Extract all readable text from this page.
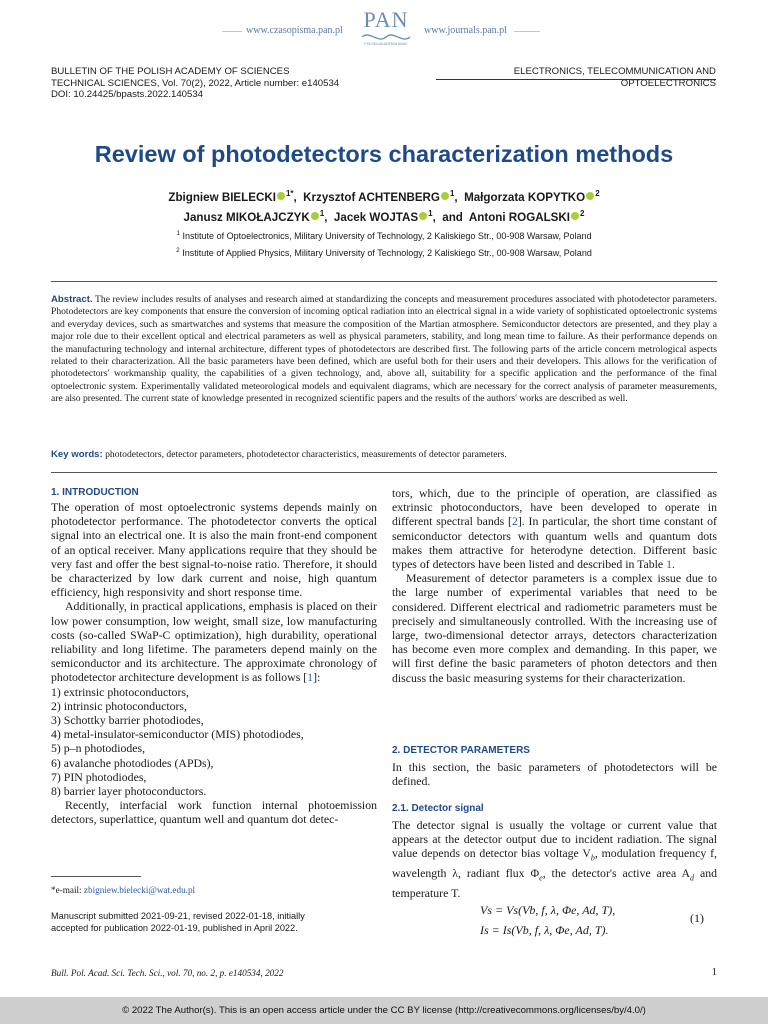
www.czasopisma.pan.pl PAN
POLSKA AKADEMIA NAUK
www.journals.pan.pl
BULLETIN OF THE POLISH ACADEMY OF SCIENCES
TECHNICAL SCIENCES, Vol. 70(2), 2022, Article number: e140534
DOI: 10.24425/bpasts.2022.140534
ELECTRONICS, TELECOMMUNICATION AND OPTOELECTRONICS
Review of photodetectors characterization methods
Zbigniew BIELECKI $^{1*}$,  Krzysztof ACHTENBERG $^1$,  Małgorzata KOPYTKO $^2$
Janusz MIKOŁAJCZYK $^1$,  Jacek WOJTAS $^1$,  and Antoni ROGALSKI $^2$
$^1$ Institute of Optoelectronics, Military University of Technology, 2 Kaliskiego Str., 00-908 Warsaw, Poland
$^2$ Institute of Applied Physics, Military University of Technology, 2 Kaliskiego Str., 00-908 Warsaw, Poland
Abstract. The review includes results of analyses and research aimed at standardizing the concepts and measurement procedures associated with photodetector parameters. Photodetectors are key components that ensure the conversion of incoming optical radiation into an electrical signal in a wide variety of sophisticated optoelectronic systems and everyday devices, such as smartwatches and systems that measure the composition of the Martian atmosphere. Semiconductor detectors are presented, and they play a major role due to their excellent optical and electrical parameters as well as physical parameters, stability, and long mean time to failure. As their performance depends on the manufacturing technology and internal architecture, different types of photodetectors are described first. The following parts of the article concern metrological aspects related to their characterization. All the basic parameters have been defined, which are useful both for their users and their developers. This allows for the verification of photodetectors' workmanship quality, the capabilities of a given technology, and, above all, suitability for a specific application and the performance of the final optoelectronic system. Experimentally validated meteorological models and equivalent diagrams, which are necessary for the correct analysis of parameter measurements, are also presented. The current state of knowledge presented in recognized scientific papers and the results of the authors' works are described as well.
Key words: photodetectors, detector parameters, photodetector characteristics, measurements of detector parameters.
1. INTRODUCTION

The operation of most optoelectronic systems depends mainly on photodetector performance. The photodetector converts the optical signal into an electrical one. It is also the main front-end component of an optical receiver. Many applications require that they should be very fast and offer the best signal-to-noise ratio. Therefore, it should be characterized by low dark current and noise, high quantum efficiency, high responsivity and short response time.

Additionally, in practical applications, emphasis is placed on their low power consumption, low weight, small size, low manufacturing costs (so-called SWaP-C optimization), high durability, operational reliability and long lifetime. The parameters depend mainly on the semiconductor and its architecture. The approximate chronology of photodetector architecture development is as follows [1]:

1) extrinsic photoconductors,
2) intrinsic photoconductors,
3) Schottky barrier photodiodes,
4) metal-insulator-semiconductor (MIS) photodiodes,
5) p–n photodiodes,
6) avalanche photodiodes (APDs),
7) PIN photodiodes,
8) barrier layer photoconductors.

Recently, interfacial work function internal photoemission detectors, superlattice, quantum well and quantum dot detec-

*e-mail: zbigniew.bielecki@wat.edu.pl
Manuscript submitted 2021-09-21, revised 2022-01-18, initially accepted for publication 2022-01-19, published in April 2022.

tors, which, due to the principle of operation, are classified as extrinsic photoconductors, have been developed to operate in different spectral bands [2]. In particular, the short time constant of semiconductor detectors with quantum wells and quantum dots makes them attractive for heterodyne detection. Different basic types of detectors have been listed and described in Table 1.

Measurement of detector parameters is a complex issue due to the large number of experimental variables that need to be considered. Different electrical and radiometric parameters must be precisely and simultaneously controlled. With the increasing use of large, two-dimensional detector arrays, detectors characterization has become even more complex and demanding. In this paper, we will first define the basic parameters of photon detectors and then discuss the basic measuring systems for their characterization.

2. DETECTOR PARAMETERS
In this section, the basic parameters of photodetectors will be defined.
2.1. Detector signal

The detector signal is usually the voltage or current value that appears at the detector output due to incident radiation. The signal value depends on detector bias voltage $V_b$, modulation frequency f, wavelength λ, radiant flux $\Phi_e$, the detector's active area $A_d$ and temperature T.

Vs = Vs(Vb, f, λ, Φe, Ad, T),
Is = Is(Vb, f, λ, Φe, Ad, T).
(1)
Bull. Pol. Acad. Sci. Tech. Sci., vol. 70, no. 2, p. e140534, 2022	1
© 2022 The Author(s). This is an open access article under the CC BY license (http://creativecommons.org/licenses/by/4.0/)
